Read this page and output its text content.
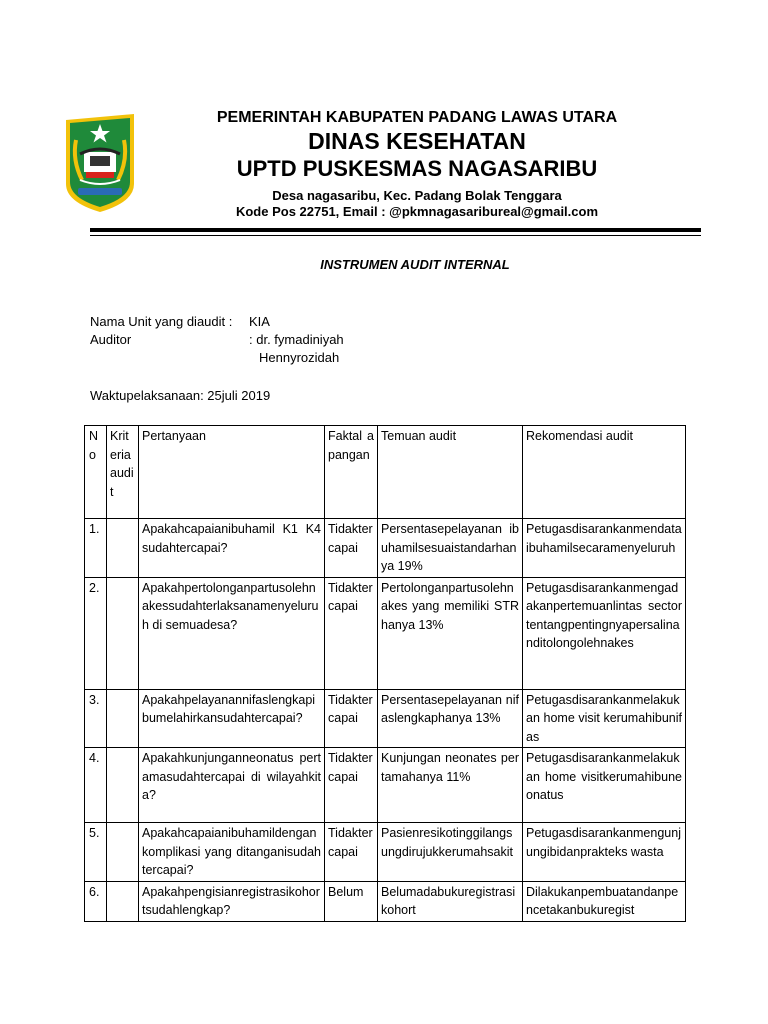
PEMERINTAH KABUPATEN PADANG LAWAS UTARA
DINAS KESEHATAN
UPTD PUSKESMAS NAGASARIBU
Desa nagasaribu, Kec. Padang Bolak Tenggara
Kode Pos 22751, Email : @pkmnagasaribureal@gmail.com
INSTRUMEN AUDIT INTERNAL
Nama Unit yang diaudit : KIA
Auditor	: dr. fymadiniyah
Hennyrozidah
Waktupelaksanaan: 25juli 2019
No	Kriteria audit	Pertanyaan	Faktal apangan	Temuan audit	Rekomendasi audit
1.		Apakahcapaianibuhamil K1 K4 sudahtercapai?	Tidaktercapai	Persentasepelayanan ibuhamilsesuaistandarhanya 19%	Petugasdisarankanmendataibuhamilsecaramenyeluruh
2.		Apakahpertolonganpartusolehnakessudahterlaksanamenyeluruh di semuadesa?	Tidaktercapai	Pertolonganpartusolehnakes yang memiliki STR hanya 13%	Petugasdisarankanmengadakanpertemuanlintas sector tentangpentingnyapersalinanditolongolehnakes
3.		Apakahpelayanannifaslengkapibumelahirkansudahtercapai?	Tidaktercapai	Persentasepelayanan nifaslengkaphanya 13%	Petugasdisarankanmelakukan home visit kerumahibunifas
4.		Apakahkunjunganneonatus pertamasudahtercapai di wilayahkita?	Tidaktercapai	Kunjungan neonates pertamahanya 11%	Petugasdisarankanmelakukan home visitkerumahibuneonatus
5.		Apakahcapaianibuhamildengankomplikasi yang ditanganisudahtercapai?	Tidaktercapai	Pasienresikotinggilangsungdirujukkerumahsakit	Petugasdisarankanmengunjungibidanprakteks wasta
6.		Apakahpengisianregistrasikohortsudahlengkap?	Belum	Belumadabukuregistrasikohort	Dilakukanpembuatandanpencetakanbukuregist
